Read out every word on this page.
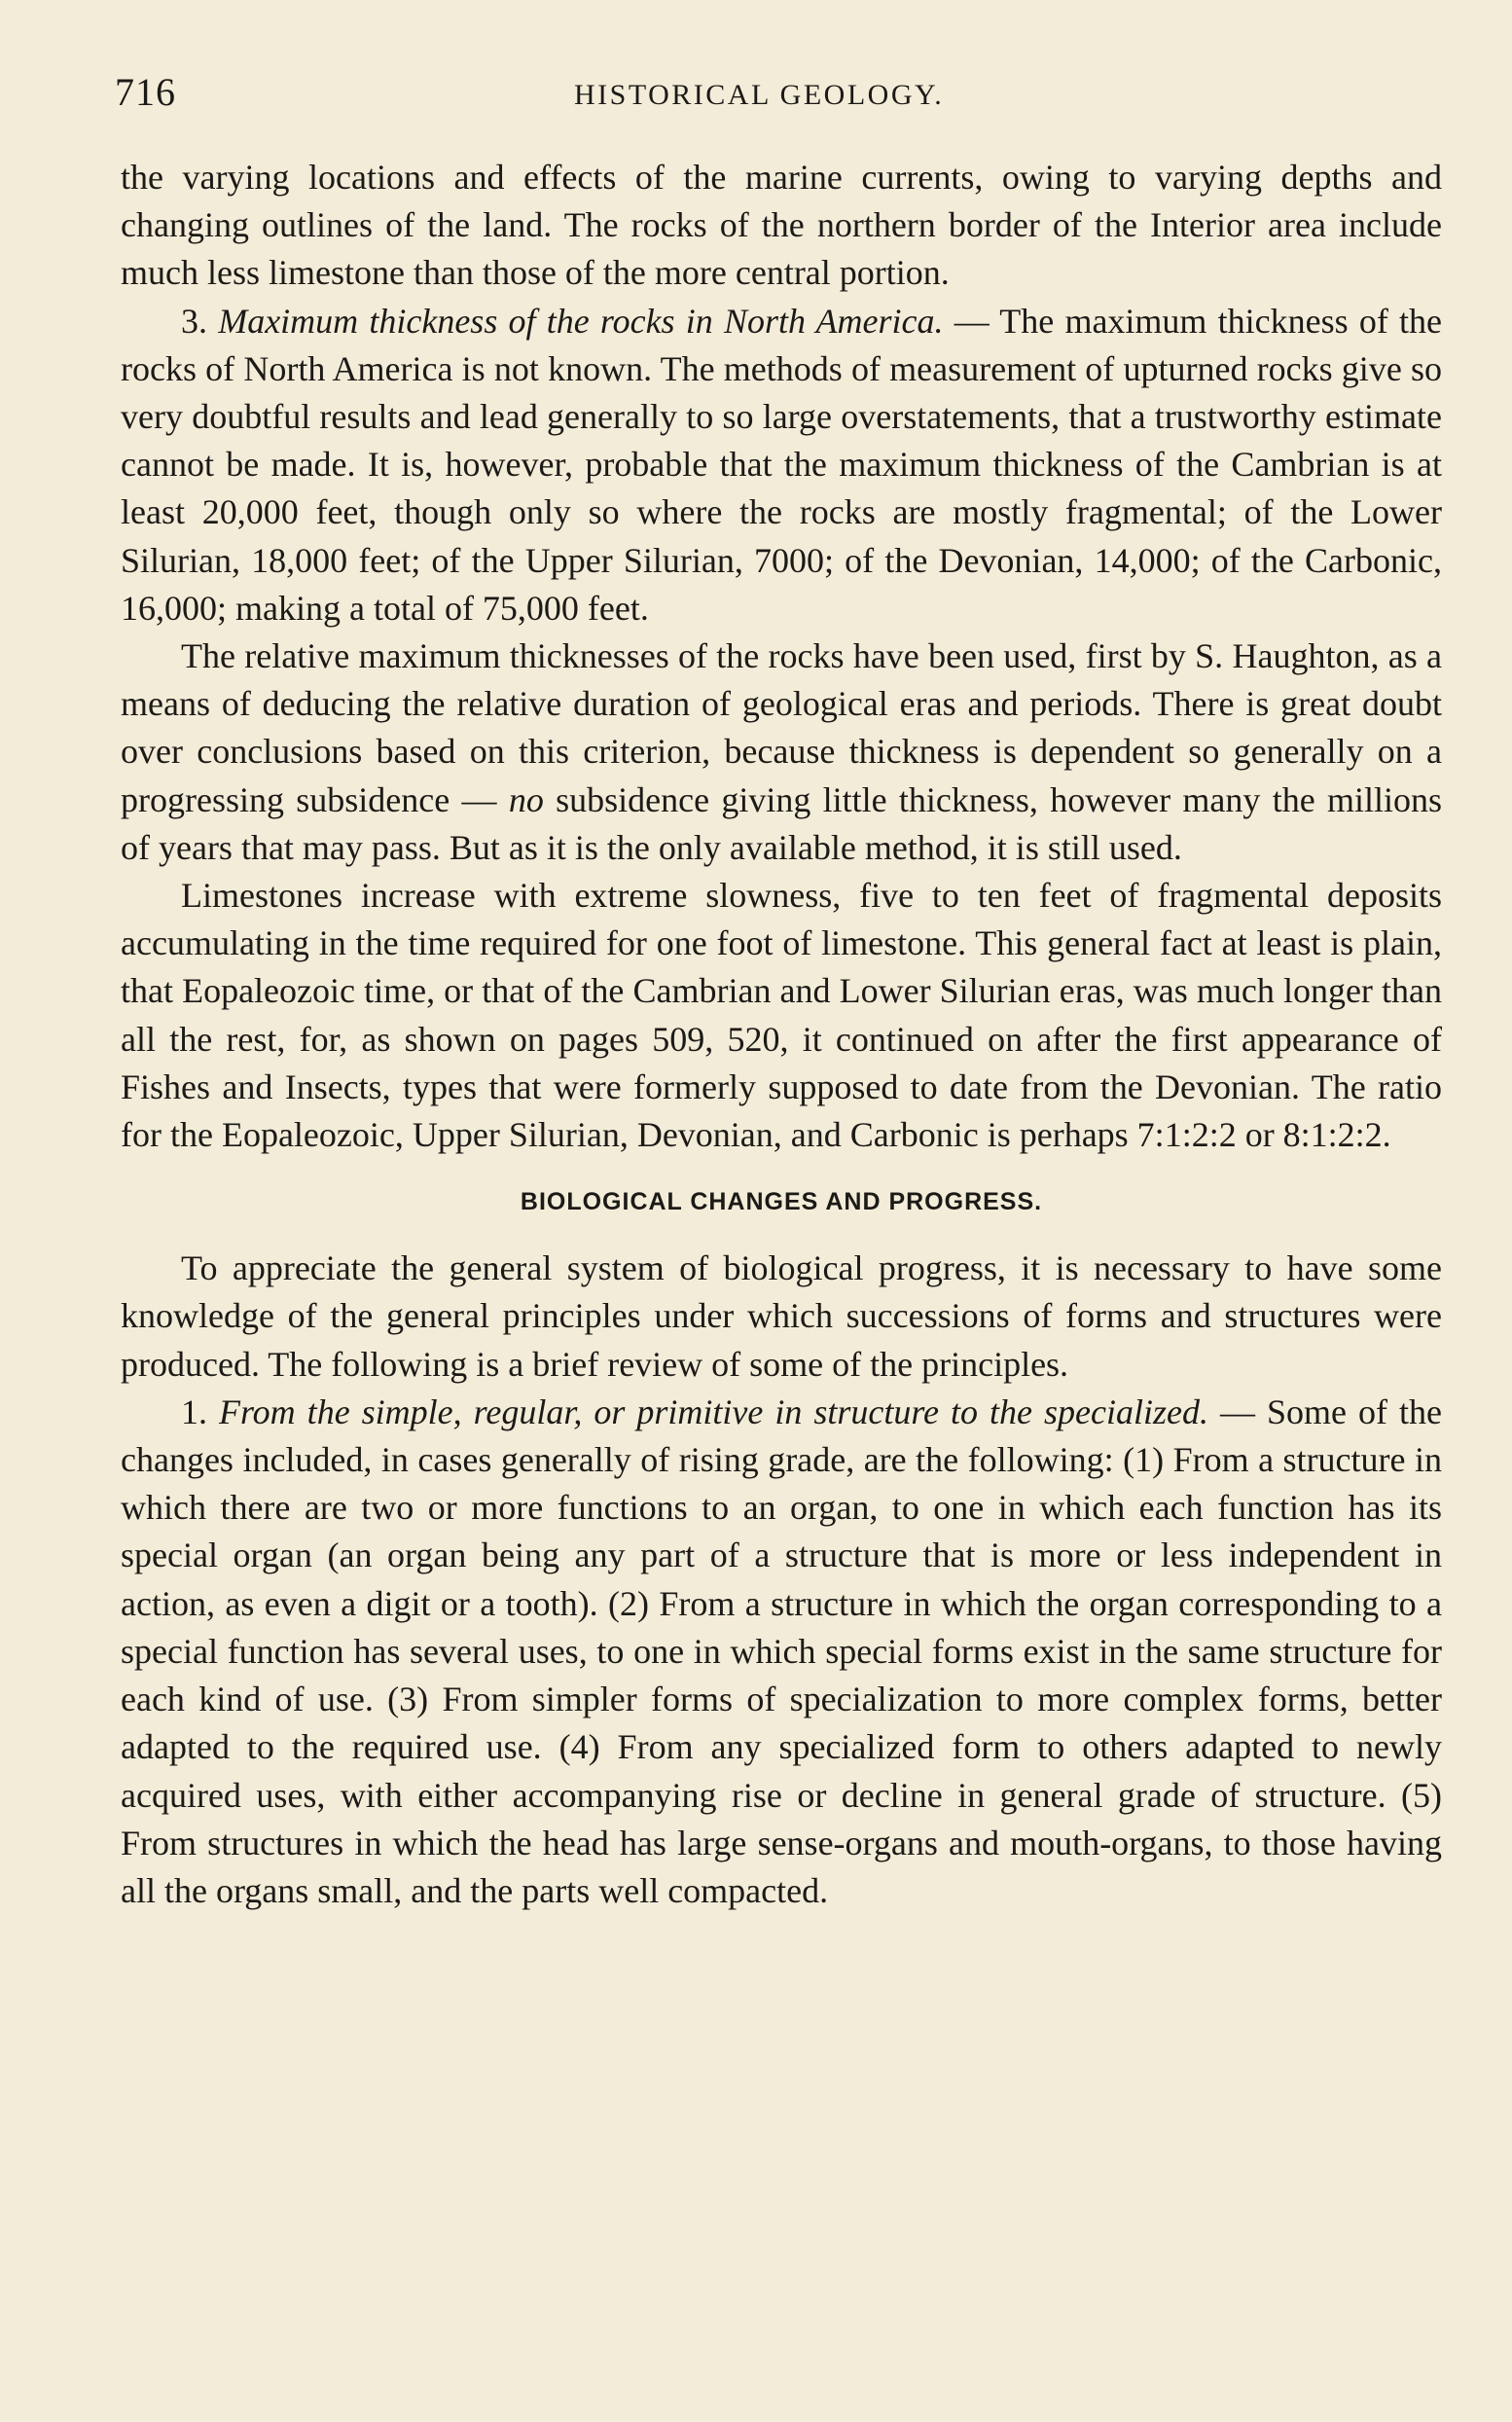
716	HISTORICAL GEOLOGY.

the varying locations and effects of the marine currents, owing to varying depths and changing outlines of the land. The rocks of the northern border of the Interior area include much less limestone than those of the more central portion.

3. Maximum thickness of the rocks in North America. — The maximum thickness of the rocks of North America is not known. The methods of measurement of upturned rocks give so very doubtful results and lead generally to so large overstatements, that a trustworthy estimate cannot be made. It is, however, probable that the maximum thickness of the Cambrian is at least 20,000 feet, though only so where the rocks are mostly fragmental; of the Lower Silurian, 18,000 feet; of the Upper Silurian, 7000; of the Devonian, 14,000; of the Carbonic, 16,000; making a total of 75,000 feet.

The relative maximum thicknesses of the rocks have been used, first by S. Haughton, as a means of deducing the relative duration of geological eras and periods. There is great doubt over conclusions based on this criterion, because thickness is dependent so generally on a progressing subsidence — no subsidence giving little thickness, however many the millions of years that may pass. But as it is the only available method, it is still used.

Limestones increase with extreme slowness, five to ten feet of fragmental deposits accumulating in the time required for one foot of limestone. This general fact at least is plain, that Eopaleozoic time, or that of the Cambrian and Lower Silurian eras, was much longer than all the rest, for, as shown on pages 509, 520, it continued on after the first appearance of Fishes and Insects, types that were formerly supposed to date from the Devonian. The ratio for the Eopaleozoic, Upper Silurian, Devonian, and Carbonic is perhaps 7:1:2:2 or 8:1:2:2.

BIOLOGICAL CHANGES AND PROGRESS.

To appreciate the general system of biological progress, it is necessary to have some knowledge of the general principles under which successions of forms and structures were produced. The following is a brief review of some of the principles.

1. From the simple, regular, or primitive in structure to the specialized. — Some of the changes included, in cases generally of rising grade, are the following: (1) From a structure in which there are two or more functions to an organ, to one in which each function has its special organ (an organ being any part of a structure that is more or less independent in action, as even a digit or a tooth). (2) From a structure in which the organ corresponding to a special function has several uses, to one in which special forms exist in the same structure for each kind of use. (3) From simpler forms of specialization to more complex forms, better adapted to the required use. (4) From any specialized form to others adapted to newly acquired uses, with either accompanying rise or decline in general grade of structure. (5) From structures in which the head has large sense-organs and mouth-organs, to those having all the organs small, and the parts well compacted.
